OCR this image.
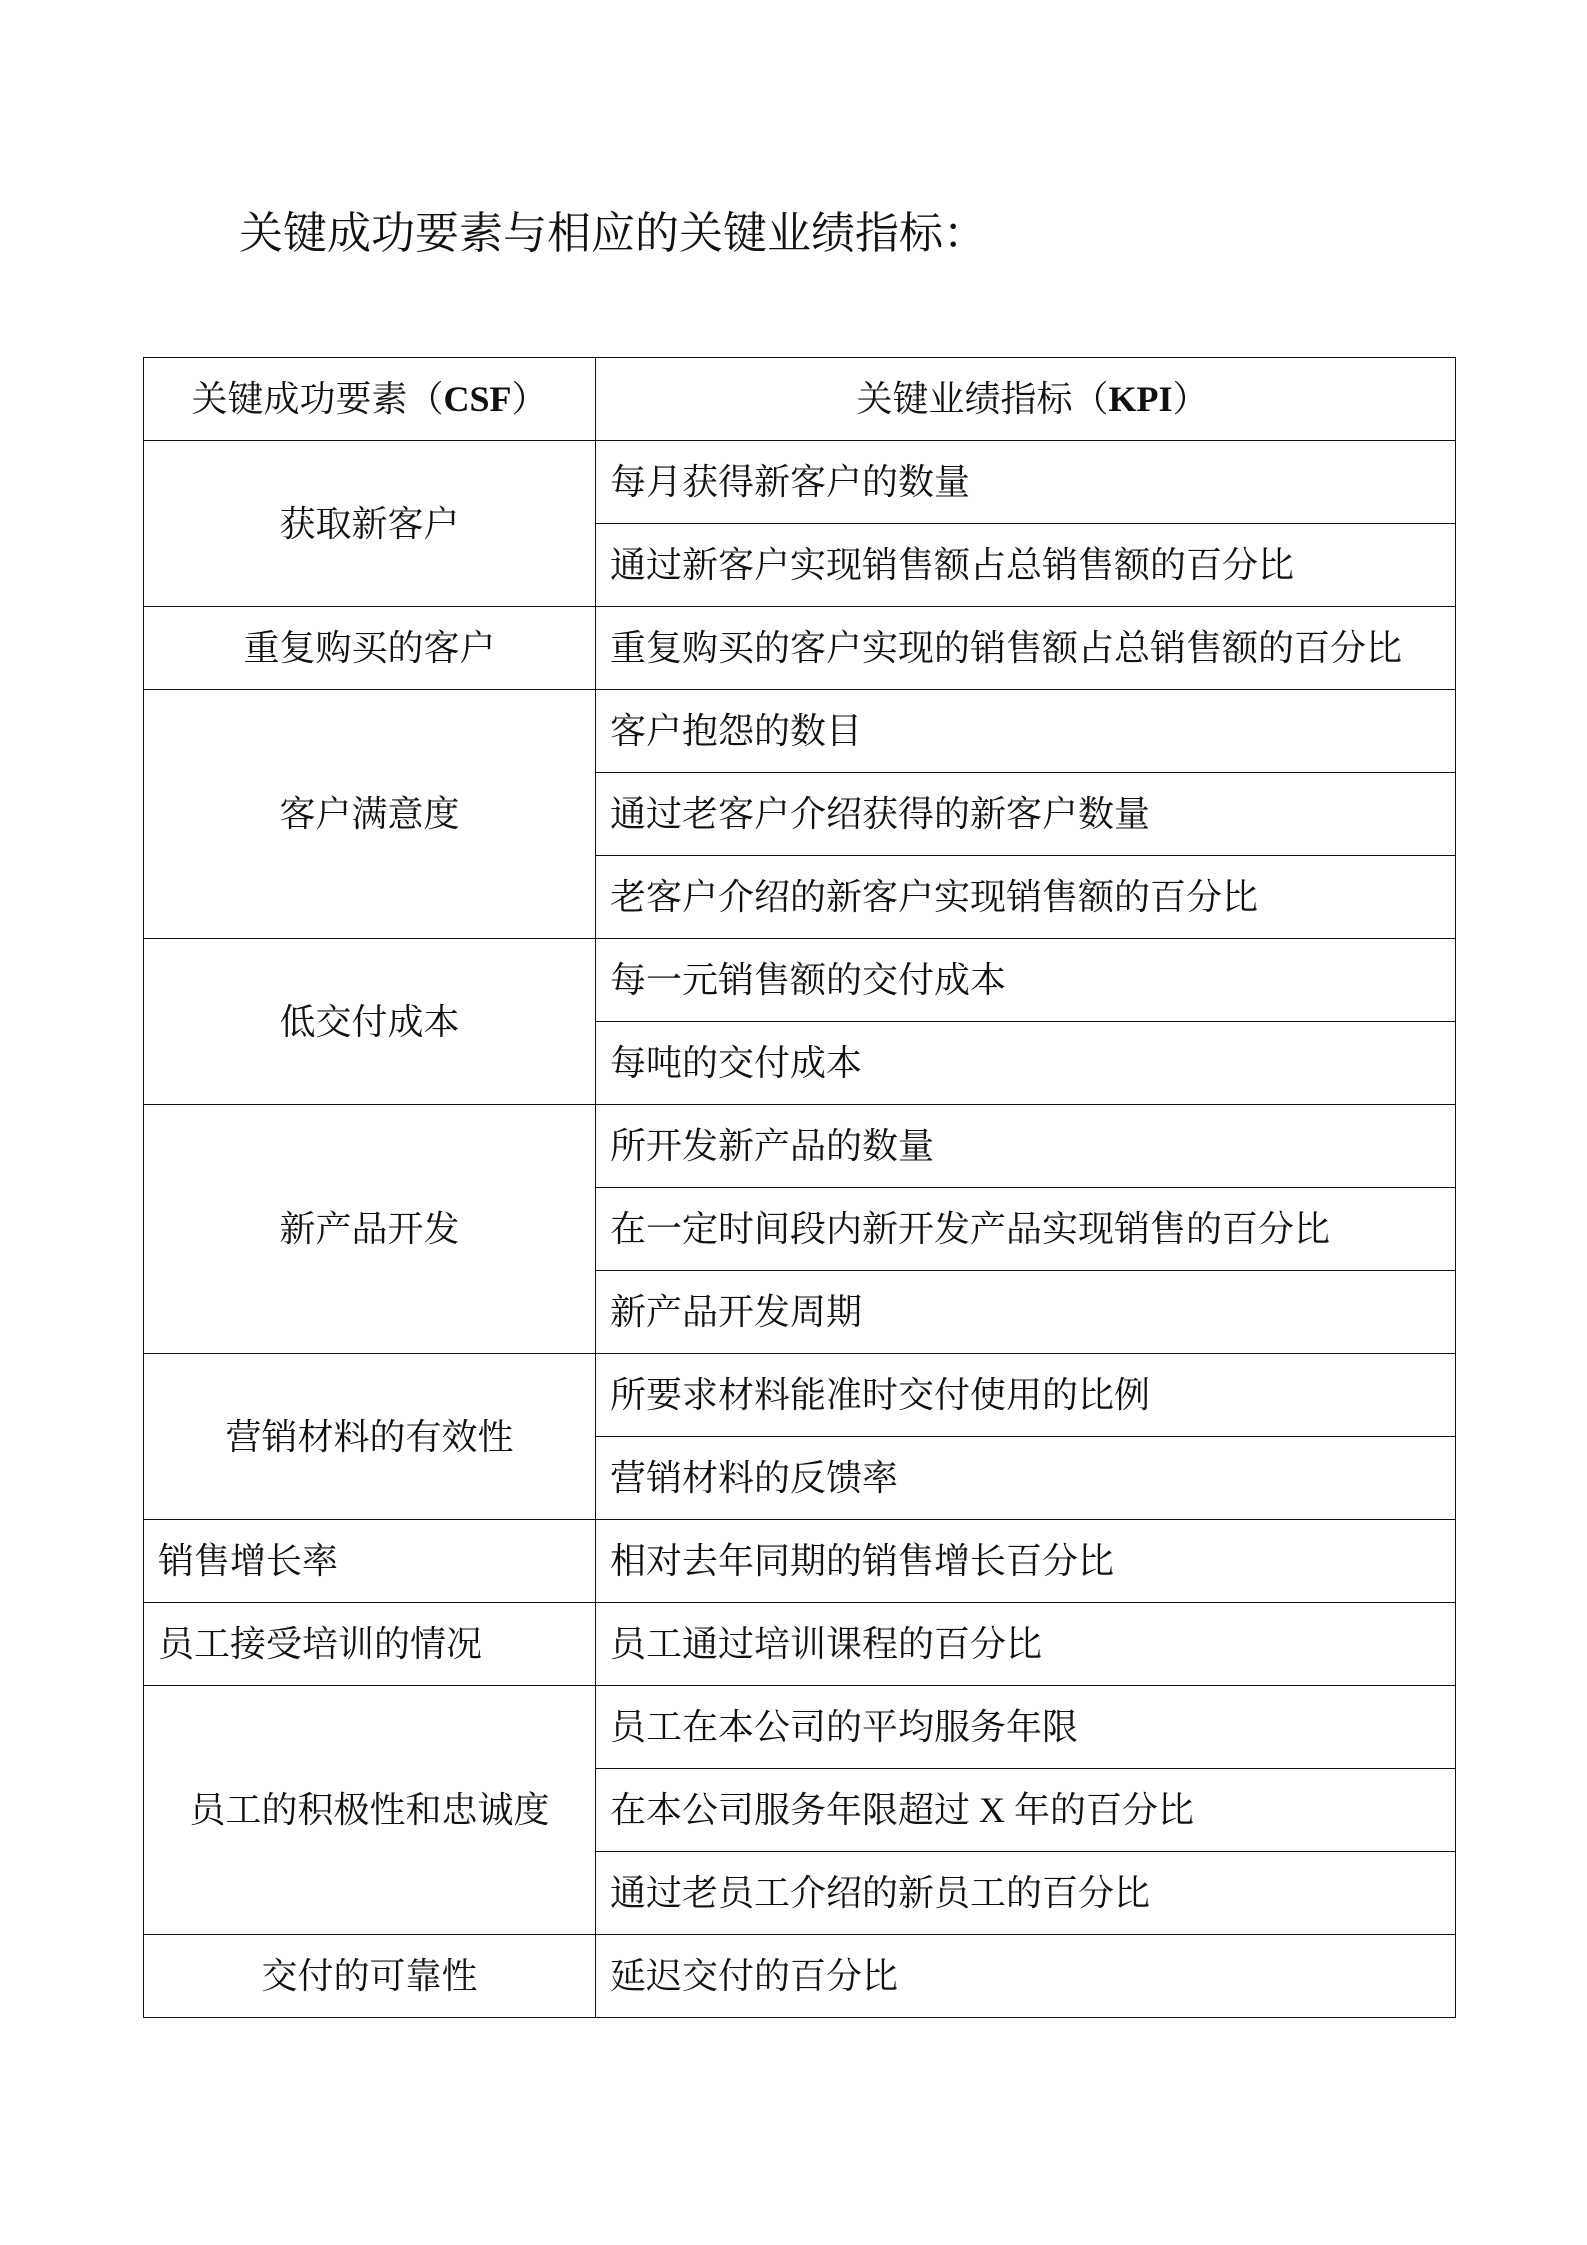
关键成功要素与相应的关键业绩指标：
关键成功要素（CSF）	关键业绩指标（KPI）
获取新客户	每月获得新客户的数量
	通过新客户实现销售额占总销售额的百分比
重复购买的客户	重复购买的客户实现的销售额占总销售额的百分比
客户满意度	客户抱怨的数目
	通过老客户介绍获得的新客户数量
	老客户介绍的新客户实现销售额的百分比
低交付成本	每一元销售额的交付成本
	每吨的交付成本
新产品开发	所开发新产品的数量
	在一定时间段内新开发产品实现销售的百分比
	新产品开发周期
营销材料的有效性	所要求材料能准时交付使用的比例
	营销材料的反馈率
销售增长率	相对去年同期的销售增长百分比
员工接受培训的情况	员工通过培训课程的百分比
员工的积极性和忠诚度	员工在本公司的平均服务年限
	在本公司服务年限超过 X 年的百分比
	通过老员工介绍的新员工的百分比
交付的可靠性	延迟交付的百分比
